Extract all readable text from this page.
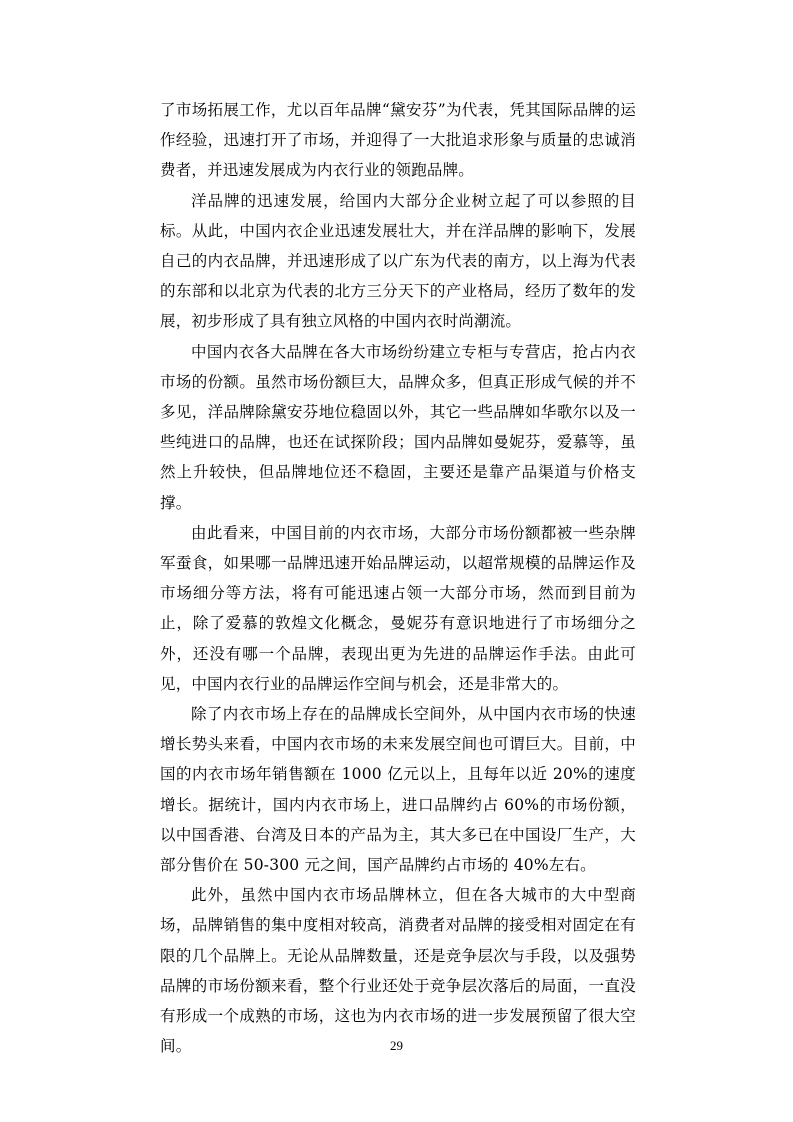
了市场拓展工作，尤以百年品牌“黛安芬”为代表，凭其国际品牌的运作经验，迅速打开了市场，并迎得了一大批追求形象与质量的忠诚消费者，并迅速发展成为内衣行业的领跑品牌。

洋品牌的迅速发展，给国内大部分企业树立起了可以参照的目标。从此，中国内衣企业迅速发展壮大，并在洋品牌的影响下，发展自己的内衣品牌，并迅速形成了以广东为代表的南方，以上海为代表的东部和以北京为代表的北方三分天下的产业格局，经历了数年的发展，初步形成了具有独立风格的中国内衣时尚潮流。

中国内衣各大品牌在各大市场纷纷建立专柜与专营店，抢占内衣市场的份额。虽然市场份额巨大，品牌众多，但真正形成气候的并不多见，洋品牌除黛安芬地位稳固以外，其它一些品牌如华歌尔以及一些纯进口的品牌，也还在试探阶段；国内品牌如曼妮芬，爱慕等，虽然上升较快，但品牌地位还不稳固，主要还是靠产品渠道与价格支撑。

由此看来，中国目前的内衣市场，大部分市场份额都被一些杂牌军蚕食，如果哪一品牌迅速开始品牌运动，以超常规模的品牌运作及市场细分等方法，将有可能迅速占领一大部分市场，然而到目前为止，除了爱慕的敦煌文化概念，曼妮芬有意识地进行了市场细分之外，还没有哪一个品牌，表现出更为先进的品牌运作手法。由此可见，中国内衣行业的品牌运作空间与机会，还是非常大的。

除了内衣市场上存在的品牌成长空间外，从中国内衣市场的快速增长势头来看，中国内衣市场的未来发展空间也可谓巨大。目前，中国的内衣市场年销售额在 1000 亿元以上，且每年以近 20%的速度增长。据统计，国内内衣市场上，进口品牌约占 60%的市场份额，以中国香港、台湾及日本的产品为主，其大多已在中国设厂生产，大部分售价在 50-300 元之间，国产品牌约占市场的 40%左右。

此外，虽然中国内衣市场品牌林立，但在各大城市的大中型商场，品牌销售的集中度相对较高，消费者对品牌的接受相对固定在有限的几个品牌上。无论从品牌数量，还是竞争层次与手段，以及强势品牌的市场份额来看，整个行业还处于竞争层次落后的局面，一直没有形成一个成熟的市场，这也为内衣市场的进一步发展预留了很大空间。	29
